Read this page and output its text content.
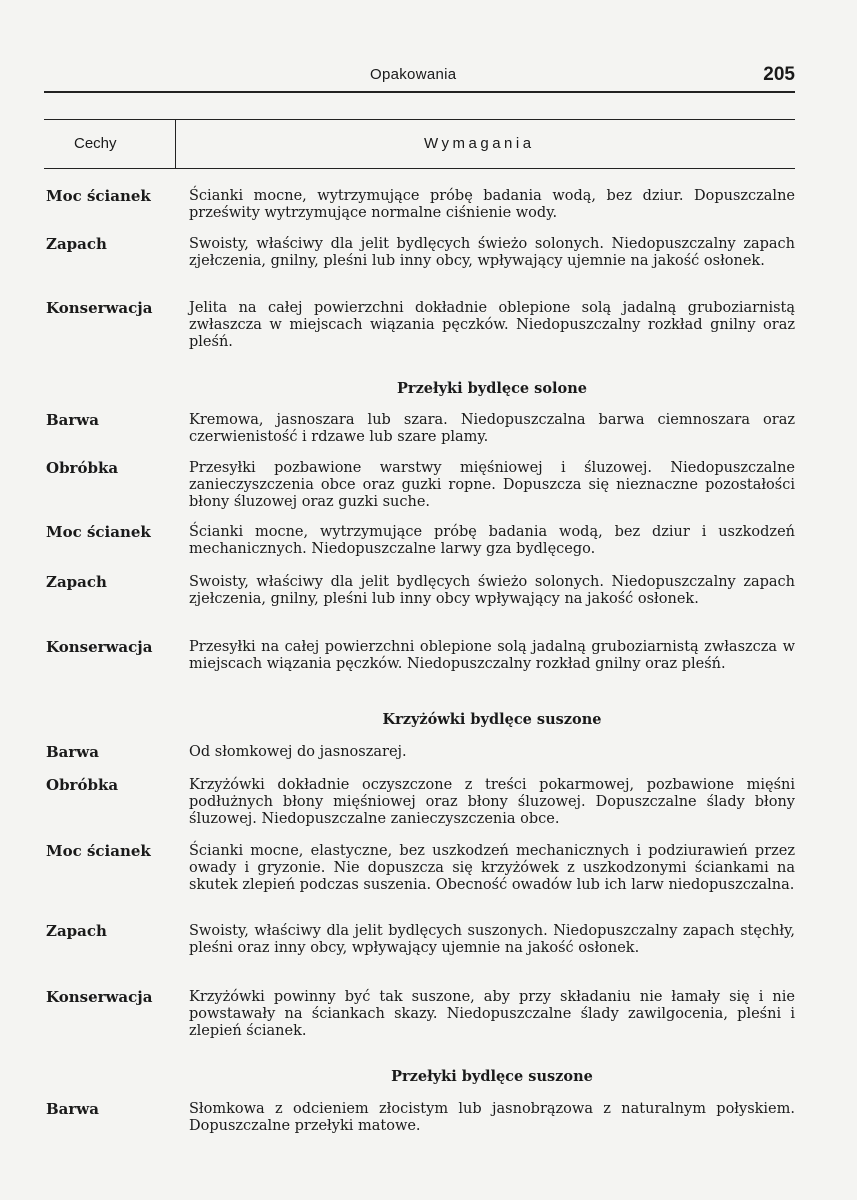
Opakowania	205
Cechy	Wymagania
Moc ścianek	Ścianki mocne, wytrzymujące próbę badania wodą, bez dziur. Dopuszczalne prześwity wytrzymujące normalne ciśnienie wody.
Zapach	Swoisty, właściwy dla jelit bydlęcych świeżo solonych. Niedopuszczalny zapach zjełczenia, gnilny, pleśni lub inny obcy, wpływający ujemnie na jakość osłonek.
Konserwacja	Jelita na całej powierzchni dokładnie oblepione solą jadalną gruboziarnistą zwłaszcza w miejscach wiązania pęczków. Niedopuszczalny rozkład gnilny oraz pleśń.
Przełyki bydlęce solone
Barwa	Kremowa, jasnoszara lub szara. Niedopuszczalna barwa ciemnoszara oraz czerwienistość i rdzawe lub szare plamy.
Obróbka	Przesyłki pozbawione warstwy mięśniowej i śluzowej. Niedopuszczalne zanieczyszczenia obce oraz guzki ropne. Dopuszcza się nieznaczne pozostałości błony śluzowej oraz guzki suche.
Moc ścianek	Ścianki mocne, wytrzymujące próbę badania wodą, bez dziur i uszkodzeń mechanicznych. Niedopuszczalne larwy gza bydlęcego.
Zapach	Swoisty, właściwy dla jelit bydlęcych świeżo solonych. Niedopuszczalny zapach zjełczenia, gnilny, pleśni lub inny obcy wpływający na jakość osłonek.
Konserwacja	Przesyłki na całej powierzchni oblepione solą jadalną gruboziarnistą zwłaszcza w miejscach wiązania pęczków. Niedopuszczalny rozkład gnilny oraz pleśń.
Krzyżówki bydlęce suszone
Barwa	Od słomkowej do jasnoszarej.
Obróbka	Krzyżówki dokładnie oczyszczone z treści pokarmowej, pozbawione mięśni podłużnych błony mięśniowej oraz błony śluzowej. Dopuszczalne ślady błony śluzowej. Niedopuszczalne zanieczyszczenia obce.
Moc ścianek	Ścianki mocne, elastyczne, bez uszkodzeń mechanicznych i podziurawień przez owady i gryzonie. Nie dopuszcza się krzyżówek z uszkodzonymi ściankami na skutek zlepień podczas suszenia. Obecność owadów lub ich larw niedopuszczalna.
Zapach	Swoisty, właściwy dla jelit bydlęcych suszonych. Niedopuszczalny zapach stęchły, pleśni oraz inny obcy, wpływający ujemnie na jakość osłonek.
Konserwacja	Krzyżówki powinny być tak suszone, aby przy składaniu nie łamały się i nie powstawały na ściankach skazy. Niedopuszczalne ślady zawilgocenia, pleśni i zlepień ścianek.
Przełyki bydlęce suszone
Barwa	Słomkowa z odcieniem złocistym lub jasnobrązowa z naturalnym połyskiem. Dopuszczalne przełyki matowe.
